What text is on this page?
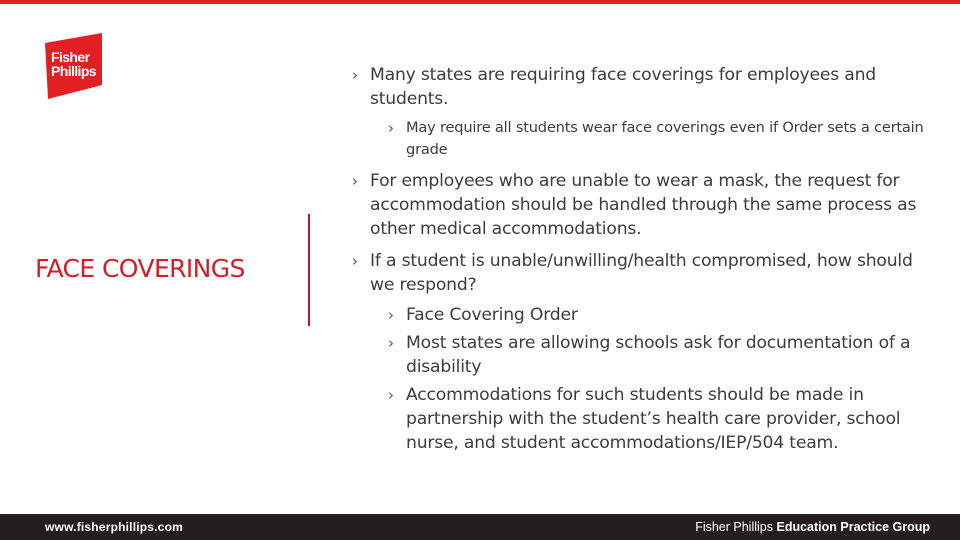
Fisher
Phillips
FACE COVERINGS
› Many states are requiring face coverings for employees and students.
› May require all students wear face coverings even if Order sets a certain grade
› For employees who are unable to wear a mask, the request for accommodation should be handled through the same process as other medical accommodations.
› If a student is unable/unwilling/health compromised, how should we respond?
› Face Covering Order
› Most states are allowing schools ask for documentation of a disability
› Accommodations for such students should be made in partnership with the student’s health care provider, school nurse, and student accommodations/IEP/504 team.
www.fisherphillips.com	Fisher Phillips Education Practice Group
